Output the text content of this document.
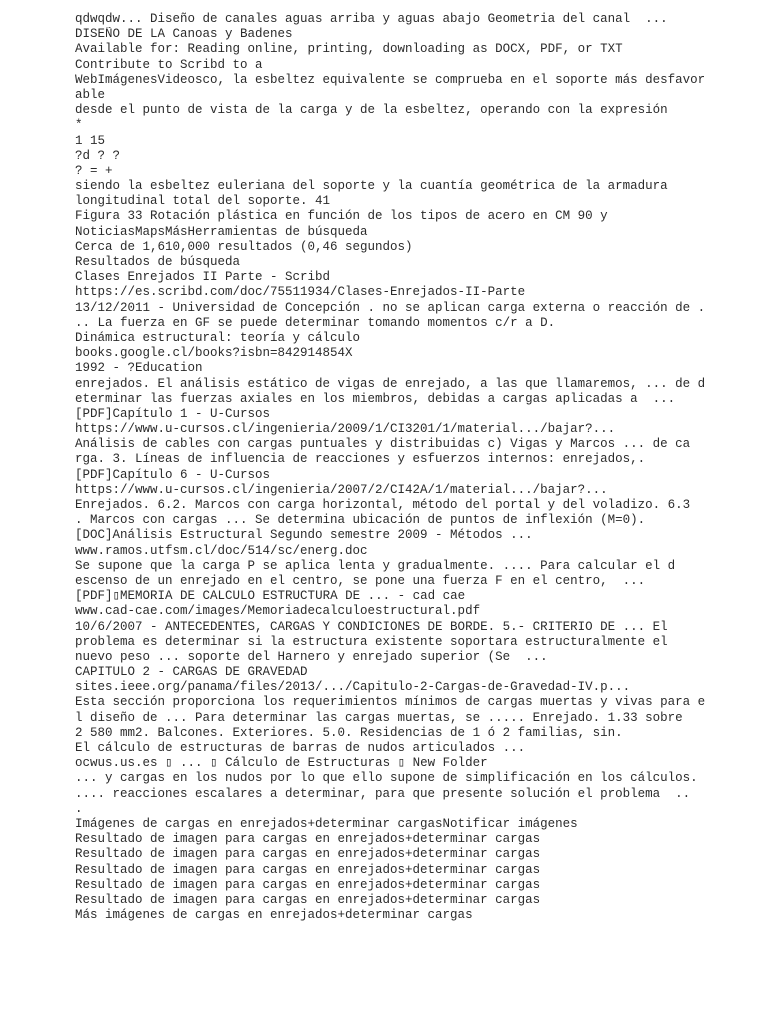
qdwqdw... Diseño de canales aguas arriba y aguas abajo Geometria del canal  ...
DISEÑO DE LA Canoas y Badenes
Available for: Reading online, printing, downloading as DOCX, PDF, or TXT
Contribute to Scribd to a
WebImágenesVideosco, la esbeltez equivalente se comprueba en el soporte más desfavor
able
desde el punto de vista de la carga y de la esbeltez, operando con la expresión
*
1 15
?d ? ?
? = +
siendo la esbeltez euleriana del soporte y la cuantía geométrica de la armadura
longitudinal total del soporte. 41
Figura 33 Rotación plástica en función de los tipos de acero en CM 90 y
NoticiasMapsMásHerramientas de búsqueda
Cerca de 1,610,000 resultados (0,46 segundos)
Resultados de búsqueda
Clases Enrejados II Parte - Scribd
https://es.scribd.com/doc/75511934/Clases-Enrejados-II-Parte
13/12/2011 - Universidad de Concepción . no se aplican carga externa o reacción de .
.. La fuerza en GF se puede determinar tomando momentos c/r a D.
Dinámica estructural: teoría y cálculo
books.google.cl/books?isbn=842914854X
1992 - ?Education
enrejados. El análisis estático de vigas de enrejado, a las que llamaremos, ... de d
eterminar las fuerzas axiales en los miembros, debidas a cargas aplicadas a  ...
[PDF]Capítulo 1 - U-Cursos
https://www.u-cursos.cl/ingenieria/2009/1/CI3201/1/material.../bajar?...
Análisis de cables con cargas puntuales y distribuidas c) Vigas y Marcos ... de ca
rga. 3. Líneas de influencia de reacciones y esfuerzos internos: enrejados,.
[PDF]Capítulo 6 - U-Cursos
https://www.u-cursos.cl/ingenieria/2007/2/CI42A/1/material.../bajar?...
Enrejados. 6.2. Marcos con carga horizontal, método del portal y del voladizo. 6.3
. Marcos con cargas ... Se determina ubicación de puntos de inflexión (M=0).
[DOC]Análisis Estructural Segundo semestre 2009 - Métodos ...
www.ramos.utfsm.cl/doc/514/sc/energ.doc
Se supone que la carga P se aplica lenta y gradualmente. .... Para calcular el d
escenso de un enrejado en el centro, se pone una fuerza F en el centro,  ...
[PDF]▯MEMORIA DE CALCULO ESTRUCTURA DE ... - cad cae
www.cad-cae.com/images/Memoriadecalculoestructural.pdf
10/6/2007 - ANTECEDENTES, CARGAS Y CONDICIONES DE BORDE. 5.- CRITERIO DE ... El
problema es determinar si la estructura existente soportara estructuralmente el
nuevo peso ... soporte del Harnero y enrejado superior (Se  ...
CAPITULO 2 - CARGAS DE GRAVEDAD
sites.ieee.org/panama/files/2013/.../Capitulo-2-Cargas-de-Gravedad-IV.p...
Esta sección proporciona los requerimientos mínimos de cargas muertas y vivas para e
l diseño de ... Para determinar las cargas muertas, se ..... Enrejado. 1.33 sobre
2 580 mm2. Balcones. Exteriores. 5.0. Residencias de 1 ó 2 familias, sin.
El cálculo de estructuras de barras de nudos articulados ...
ocwus.us.es ▯ ... ▯ Cálculo de Estructuras ▯ New Folder
... y cargas en los nudos por lo que ello supone de simplificación en los cálculos.
.... reacciones escalares a determinar, para que presente solución el problema  ..
.
Imágenes de cargas en enrejados+determinar cargasNotificar imágenes
Resultado de imagen para cargas en enrejados+determinar cargas
Resultado de imagen para cargas en enrejados+determinar cargas
Resultado de imagen para cargas en enrejados+determinar cargas
Resultado de imagen para cargas en enrejados+determinar cargas
Resultado de imagen para cargas en enrejados+determinar cargas
Más imágenes de cargas en enrejados+determinar cargas
